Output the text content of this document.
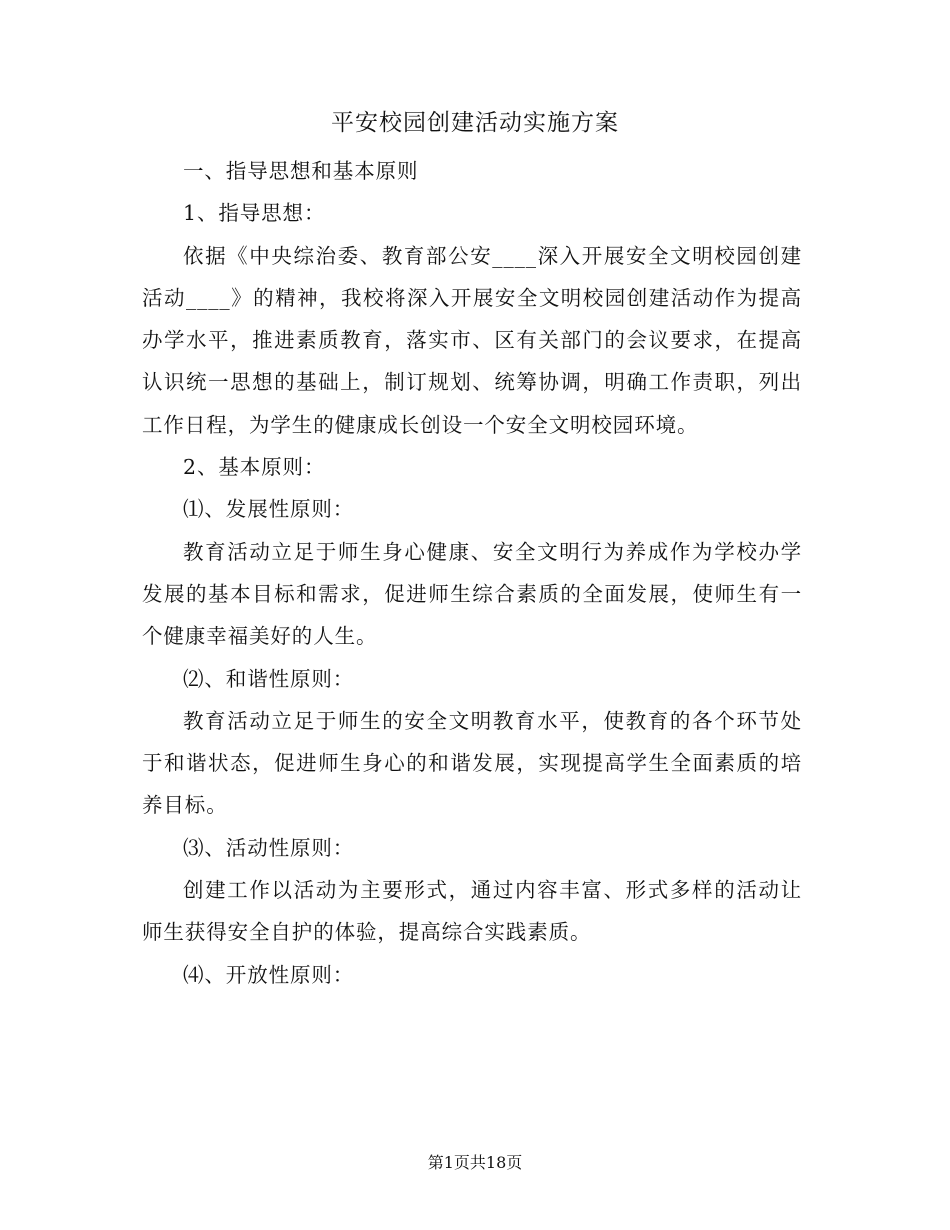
平安校园创建活动实施方案

一、指导思想和基本原则

1、指导思想：

依据《中央综治委、教育部公安____深入开展安全文明校园创建活动____》的精神，我校将深入开展安全文明校园创建活动作为提高办学水平，推进素质教育，落实市、区有关部门的会议要求，在提高认识统一思想的基础上，制订规划、统筹协调，明确工作责职，列出工作日程，为学生的健康成长创设一个安全文明校园环境。

2、基本原则：

⑴、发展性原则：

教育活动立足于师生身心健康、安全文明行为养成作为学校办学发展的基本目标和需求，促进师生综合素质的全面发展，使师生有一个健康幸福美好的人生。

⑵、和谐性原则：

教育活动立足于师生的安全文明教育水平，使教育的各个环节处于和谐状态，促进师生身心的和谐发展，实现提高学生全面素质的培养目标。

⑶、活动性原则：

创建工作以活动为主要形式，通过内容丰富、形式多样的活动让师生获得安全自护的体验，提高综合实践素质。

⑷、开放性原则：

第1页共18页
